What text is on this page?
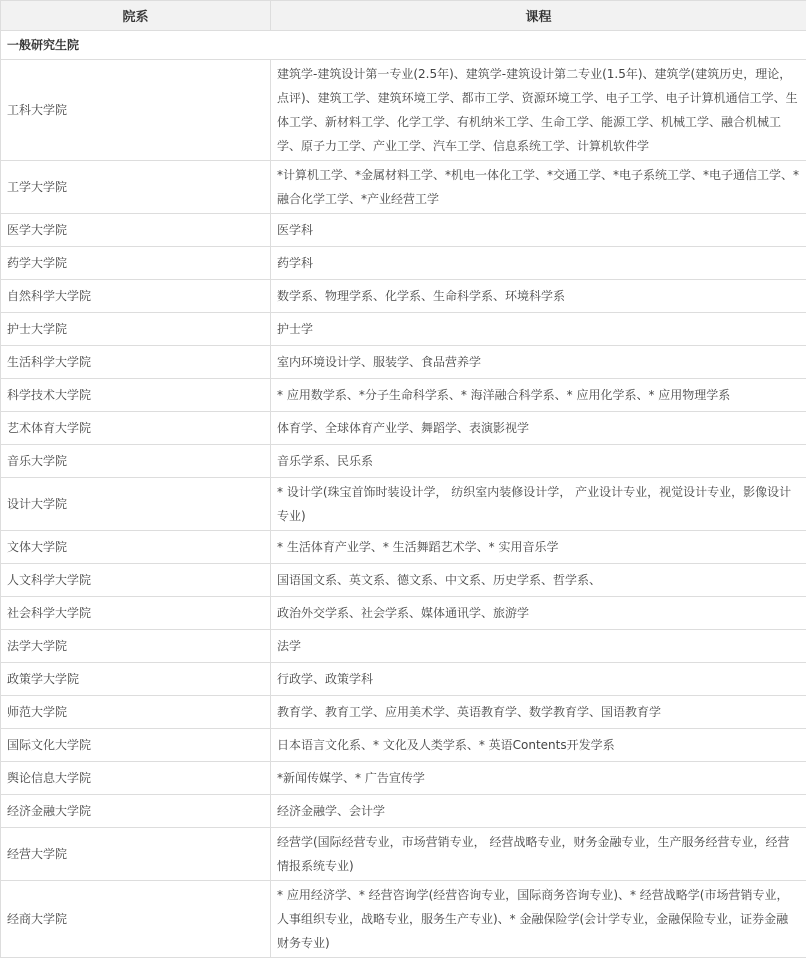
院系	课程
一般研究生院	
工科大学院	建筑学-建筑设计第一专业(2.5年)、建筑学-建筑设计第二专业(1.5年)、建筑学(建筑历史，理论，点评)、建筑工学、建筑环境工学、都市工学、资源环境工学、电子工学、电子计算机通信工学、生体工学、新材料工学、化学工学、有机纳米工学、生命工学、能源工学、机械工学、融合机械工学、原子力工学、产业工学、汽车工学、信息系统工学、计算机软件学
工学大学院	*计算机工学、*金属材料工学、*机电一体化工学、*交通工学、*电子系统工学、*电子通信工学、*融合化学工学、*产业经营工学
医学大学院	医学科
药学大学院	药学科
自然科学大学院	数学系、物理学系、化学系、生命科学系、环境科学系
护士大学院	护士学
生活科学大学院	室内环境设计学、服装学、食品营养学
科学技术大学院	* 应用数学系、*分子生命科学系、* 海洋融合科学系、* 应用化学系、* 应用物理学系
艺术体育大学院	体育学、全球体育产业学、舞蹈学、表演影视学
音乐大学院	音乐学系、民乐系
设计大学院	* 设计学(珠宝首饰时装设计学， 纺织室内装修设计学， 产业设计专业，视觉设计专业，影像设计专业)
文体大学院	* 生活体育产业学、* 生活舞蹈艺术学、* 实用音乐学
人文科学大学院	国语国文系、英文系、德文系、中文系、历史学系、哲学系、
社会科学大学院	政治外交学系、社会学系、媒体通讯学、旅游学
法学大学院	法学
政策学大学院	行政学、政策学科
师范大学院	教育学、教育工学、应用美术学、英语教育学、数学教育学、国语教育学
国际文化大学院	日本语言文化系、* 文化及人类学系、* 英语Contents开发学系
舆论信息大学院	*新闻传媒学、* 广告宣传学
经济金融大学院	经济金融学、会计学
经营大学院	经营学(国际经营专业，市场营销专业， 经营战略专业，财务金融专业，生产服务经营专业，经营情报系统专业)
经商大学院	* 应用经济学、* 经营咨询学(经营咨询专业，国际商务咨询专业)、* 经营战略学(市场营销专业，人事组织专业，战略专业，服务生产专业)、* 金融保险学(会计学专业，金融保险专业，证券金融财务专业)
